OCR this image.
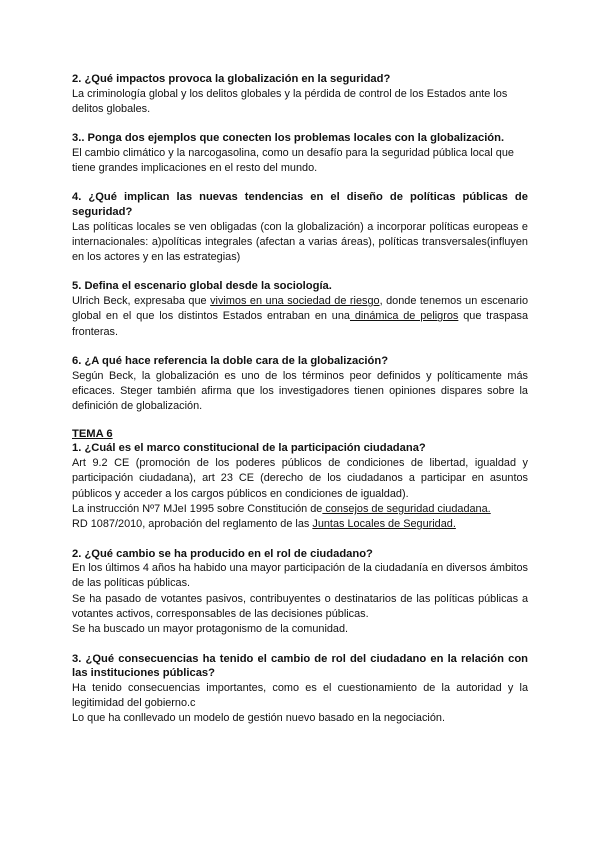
2. ¿Qué impactos provoca la globalización en la seguridad?

La criminología global y los delitos globales y la pérdida de control de los Estados ante los delitos globales.

3.. Ponga dos ejemplos que conecten los problemas locales con la globalización.

El cambio climático y la narcogasolina, como un desafío para la seguridad pública local que tiene grandes implicaciones en el resto del mundo.

4. ¿Qué implican las nuevas tendencias en el diseño de políticas públicas de seguridad?

Las políticas locales se ven obligadas (con la globalización) a incorporar políticas europeas e internacionales: a)políticas integrales (afectan a varias áreas), políticas transversales(influyen en los actores y en las estrategias)

5. Defina el escenario global desde la sociología.

Ulrich Beck, expresaba que vivimos en una sociedad de riesgo, donde tenemos un escenario global en el que los distintos Estados entraban en una dinámica de peligros que traspasa fronteras.

6. ¿A qué hace referencia la doble cara de la globalización?

Según Beck, la globalización es uno de los términos peor definidos y políticamente más eficaces. Steger también afirma que los investigadores tienen opiniones dispares sobre la definición de globalización.

TEMA 6

1. ¿Cuál es el marco constitucional de la participación ciudadana?

Art 9.2 CE (promoción de los poderes públicos de condiciones de libertad, igualdad y participación ciudadana), art 23 CE (derecho de los ciudadanos a participar en asuntos públicos y acceder a los cargos públicos en condiciones de igualdad).

La instrucción Nº7 MJeI 1995 sobre Constitución de consejos de seguridad ciudadana.

RD 1087/2010, aprobación del reglamento de las Juntas Locales de Seguridad.

2. ¿Qué cambio se ha producido en el rol de ciudadano?

En los últimos 4 años ha habido una mayor participación de la ciudadanía en diversos ámbitos de las políticas públicas.

Se ha pasado de votantes pasivos, contribuyentes o destinatarios de las políticas públicas a votantes activos, corresponsables de las decisiones públicas.

Se ha buscado un mayor protagonismo de la comunidad.

3. ¿Qué consecuencias ha tenido el cambio de rol del ciudadano en la relación con las instituciones públicas?

Ha tenido consecuencias importantes, como es el cuestionamiento de la autoridad y la legitimidad del gobierno.c

Lo que ha conllevado un modelo de gestión nuevo basado en la negociación.
